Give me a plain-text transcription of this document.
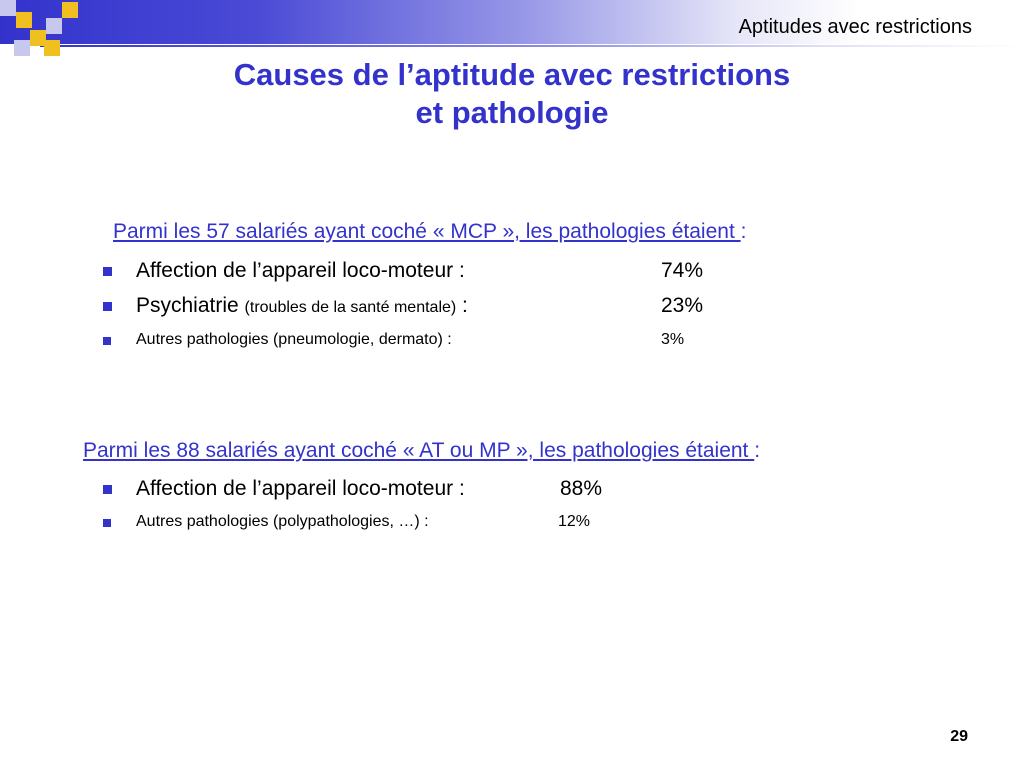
Aptitudes avec restrictions
Causes de l’aptitude avec restrictions
et pathologie
Parmi les 57 salariés ayant coché « MCP », les pathologies étaient :
Affection de l’appareil loco-moteur :	74%
Psychiatrie (troubles de la santé mentale) :	23%
Autres pathologies (pneumologie, dermato) :	3%
Parmi les 88 salariés ayant coché « AT ou MP », les pathologies étaient :
Affection de l’appareil loco-moteur :	88%
Autres pathologies (polypathologies, …) :	12%
29
